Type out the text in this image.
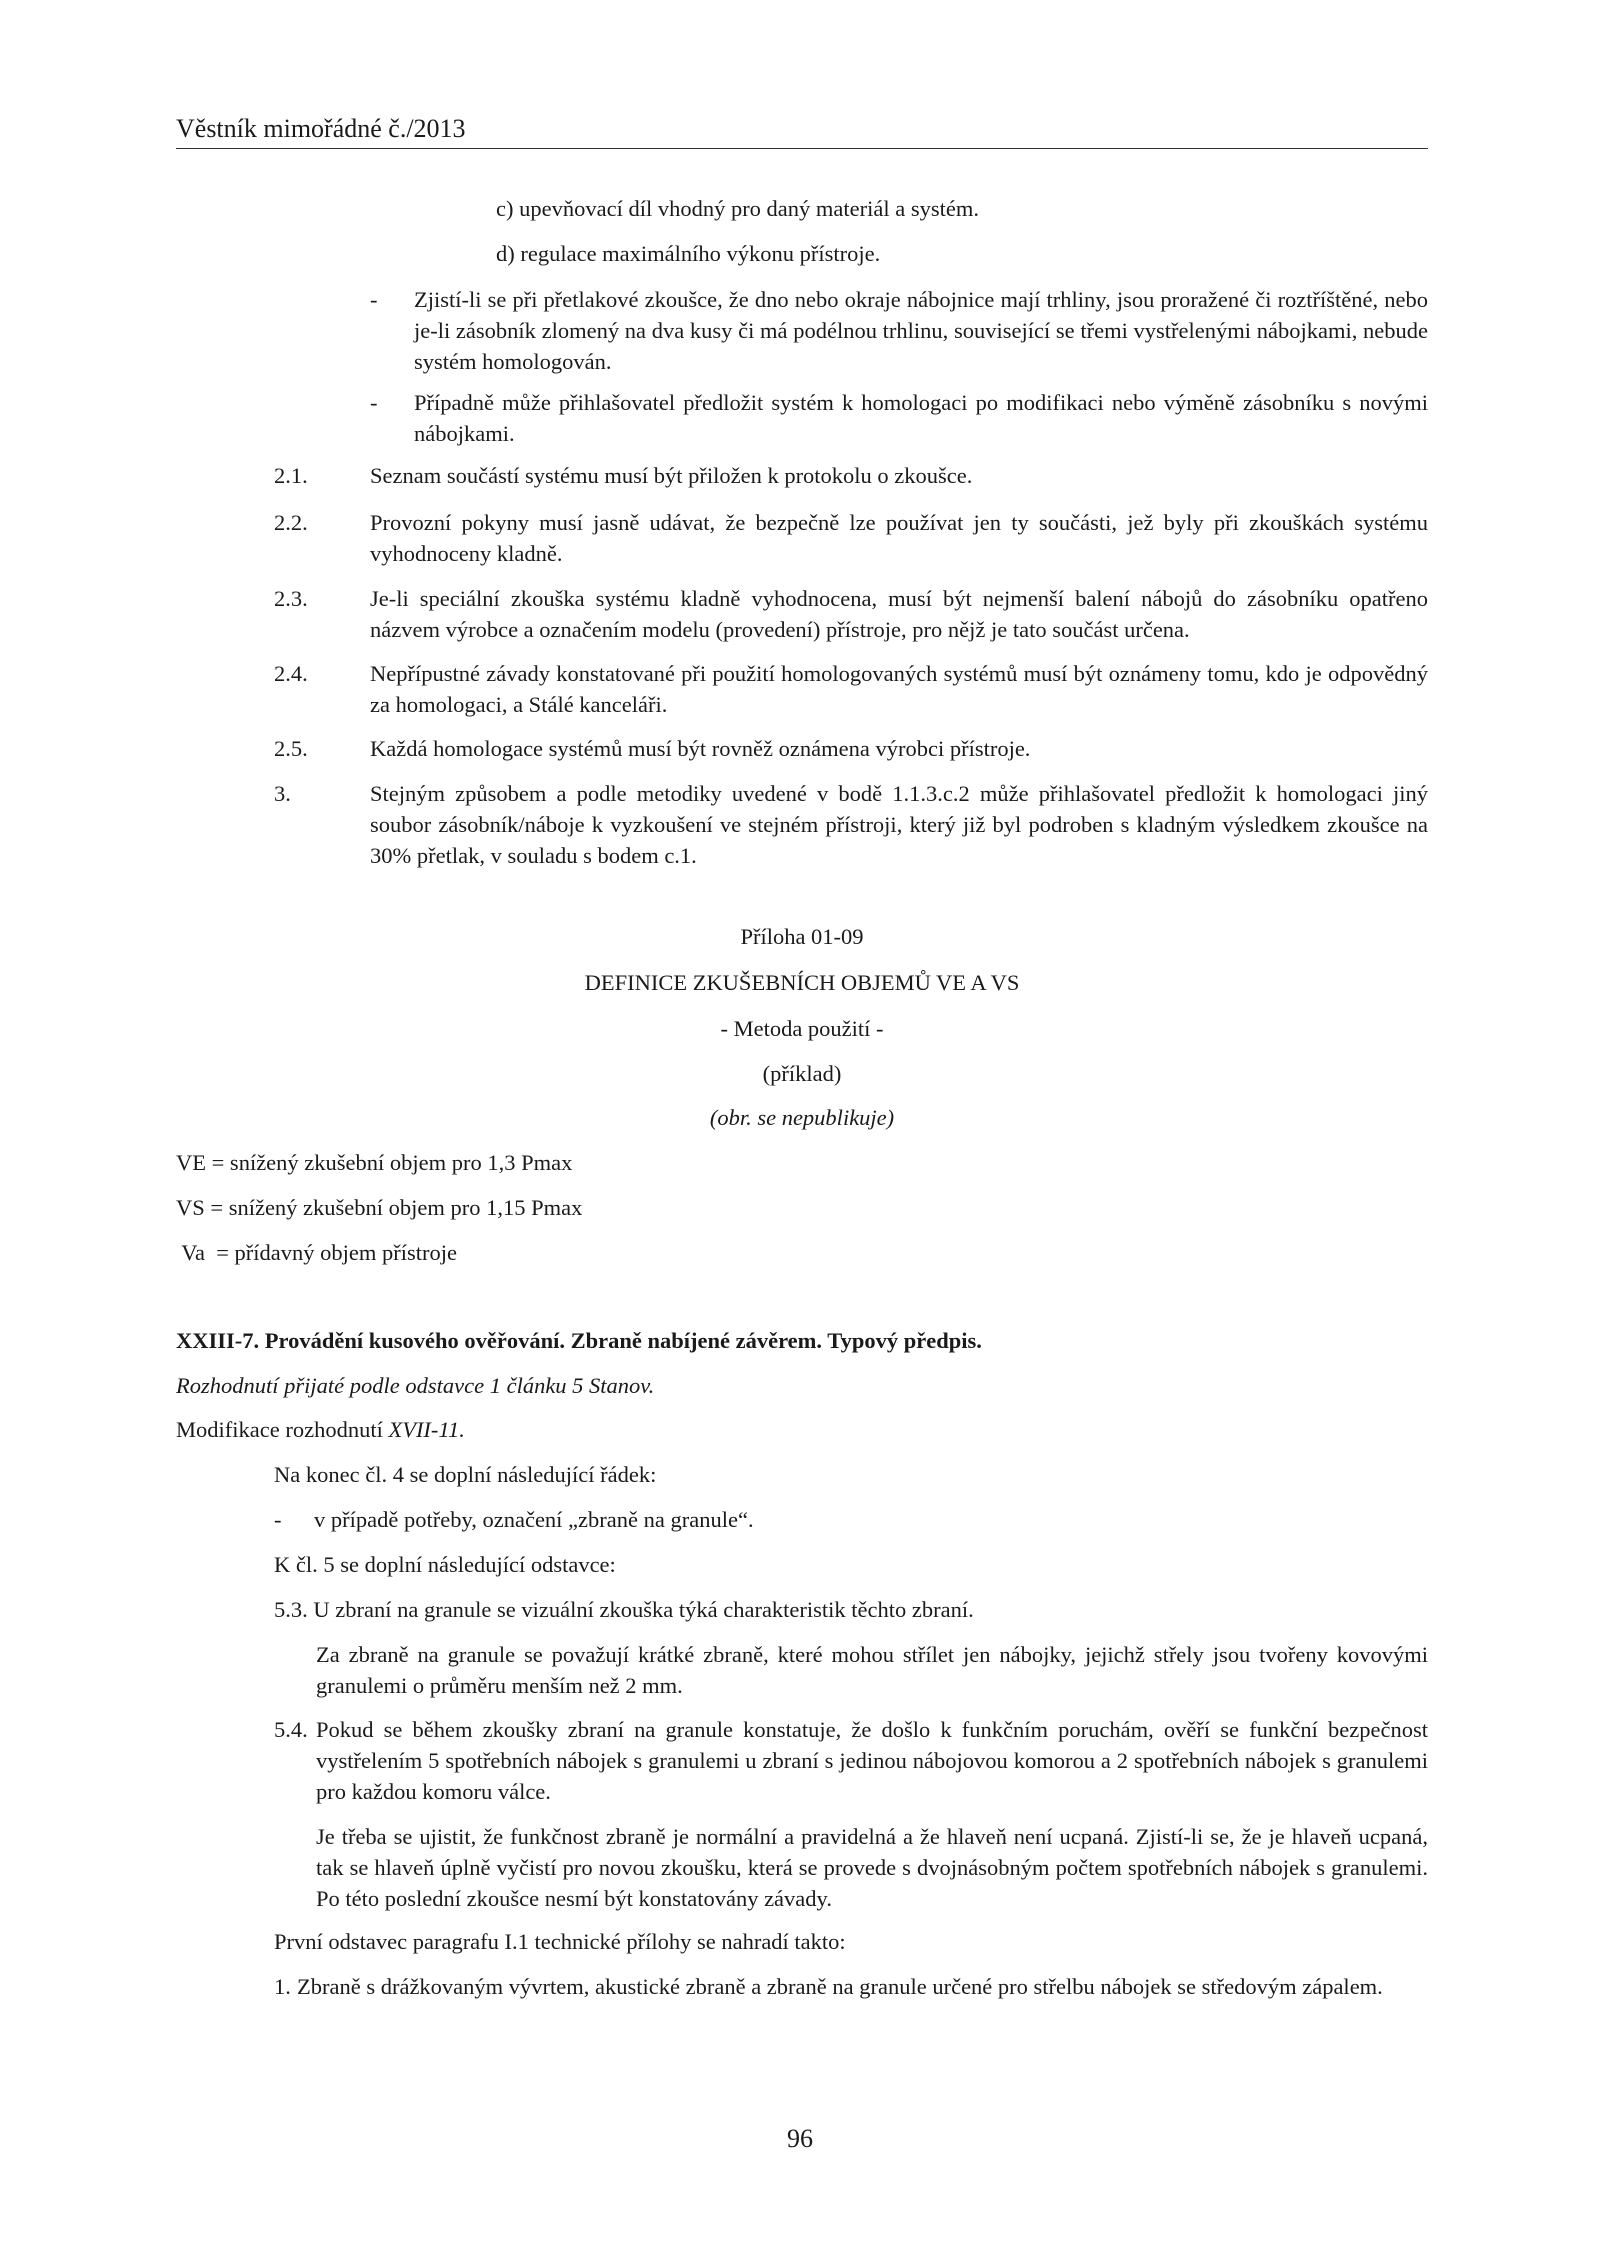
Věstník mimořádné č./2013
c) upevňovací díl vhodný pro daný materiál a systém.
d) regulace maximálního výkonu přístroje.
- Zjistí-li se při přetlakové zkoušce, že dno nebo okraje nábojnice mají trhliny, jsou proražené či roztříštěné, nebo je-li zásobník zlomený na dva kusy či má podélnou trhlinu, související se třemi vystřelenými nábojkami, nebude systém homologován.
- Případně může přihlašovatel předložit systém k homologaci po modifikaci nebo výměně zásobníku s novými nábojkami.
2.1.	Seznam součástí systému musí být přiložen k protokolu o zkoušce.
2.2.	Provozní pokyny musí jasně udávat, že bezpečně lze používat jen ty součásti, jež byly při zkouškách systému vyhodnoceny kladně.
2.3.	Je-li speciální zkouška systému kladně vyhodnocena, musí být nejmenší balení nábojů do zásobníku opatřeno názvem výrobce a označením modelu (provedení) přístroje, pro nějž je tato součást určena.
2.4.	Nepřípustné závady konstatované při použití homologovaných systémů musí být oznámeny tomu, kdo je odpovědný za homologaci, a Stálé kanceláři.
2.5.	Každá homologace systémů musí být rovněž oznámena výrobci přístroje.
3.	Stejným způsobem a podle metodiky uvedené v bodě 1.1.3.c.2 může přihlašovatel předložit k homologaci jiný soubor zásobník/náboje k vyzkoušení ve stejném přístroji, který již byl podroben s kladným výsledkem zkoušce na 30% přetlak, v souladu s bodem c.1.
Příloha 01-09
DEFINICE ZKUŠEBNÍCH OBJEMŮ VE A VS
- Metoda použití -
(příklad)
(obr. se nepublikuje)
VE = snížený zkušební objem pro 1,3 Pmax
VS = snížený zkušební objem pro 1,15 Pmax
Va  = přídavný objem přístroje
XXIII-7. Provádění kusového ověřování. Zbraně nabíjené závěrem. Typový předpis.
Rozhodnutí přijaté podle odstavce 1 článku 5 Stanov.
Modifikace rozhodnutí XVII-11.
Na konec čl. 4 se doplní následující řádek:
- v případě potřeby, označení „zbraně na granule“.
K čl. 5 se doplní následující odstavce:
5.3. U zbraní na granule se vizuální zkouška týká charakteristik těchto zbraní.
Za zbraně na granule se považují krátké zbraně, které mohou střílet jen nábojky, jejichž střely jsou tvořeny kovovými granulemi o průměru menším než 2 mm.
5.4. Pokud se během zkoušky zbraní na granule konstatuje, že došlo k funkčním poruchám, ověří se funkční bezpečnost vystřelením 5 spotřebních nábojek s granulemi u zbraní s jedinou nábojovou komorou a 2 spotřebních nábojek s granulemi pro každou komoru válce.
Je třeba se ujistit, že funkčnost zbraně je normální a pravidelná a že hlaveň není ucpaná. Zjistí-li se, že je hlaveň ucpaná, tak se hlaveň úplně vyčistí pro novou zkoušku, která se provede s dvojnásobným počtem spotřebních nábojek s granulemi. Po této poslední zkoušce nesmí být konstatovány závady.
První odstavec paragrafu I.1 technické přílohy se nahradí takto:
1. Zbraně s drážkovaným vývrtem, akustické zbraně a zbraně na granule určené pro střelbu nábojek se středovým zápalem.
96
